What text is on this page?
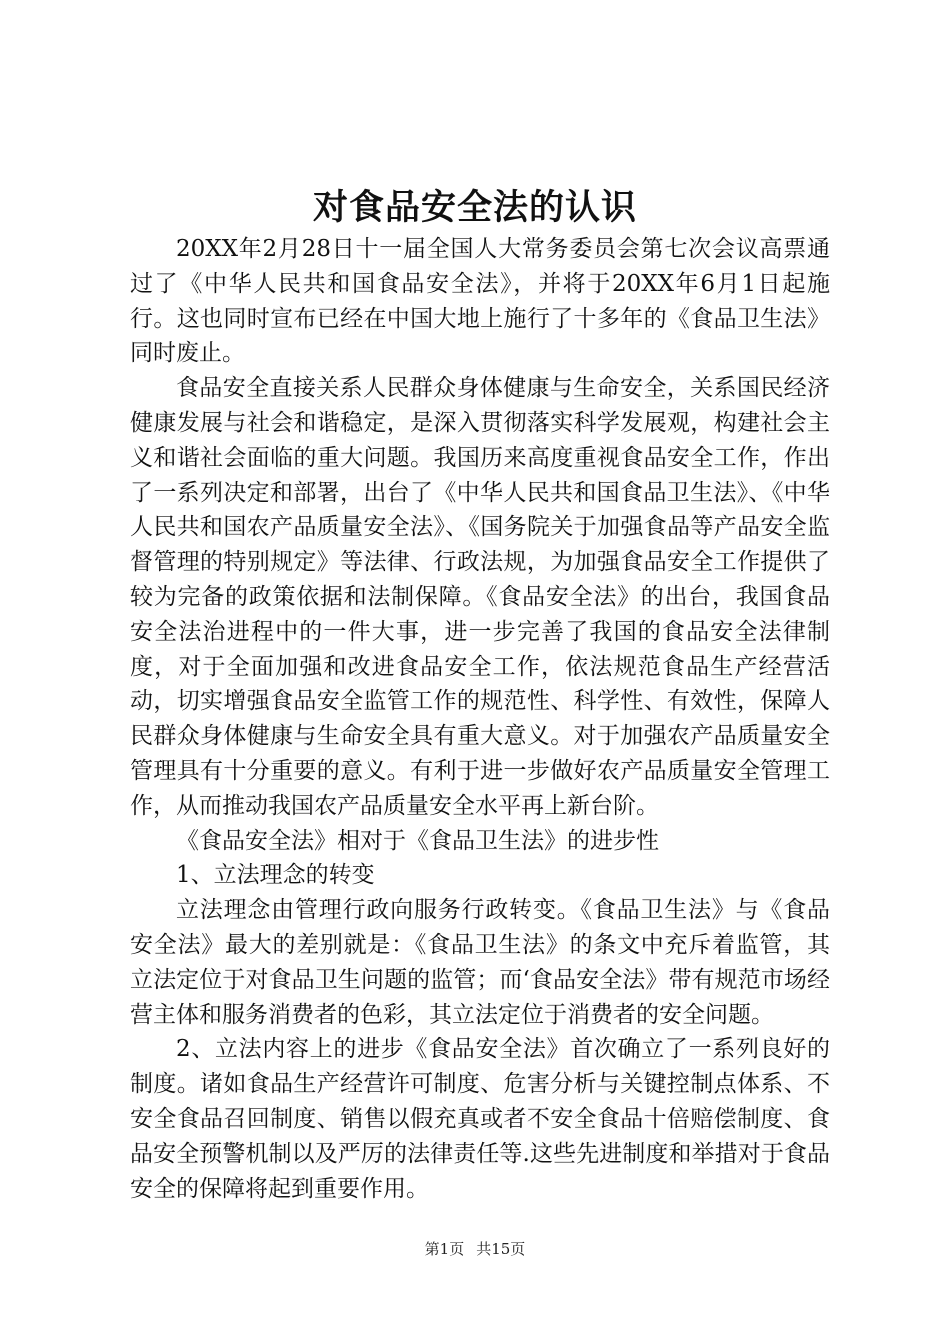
对食品安全法的认识

20XX年2月28日十一届全国人大常务委员会第七次会议高票通过了《中华人民共和国食品安全法》，并将于20XX年6月1日起施行。这也同时宣布已经在中国大地上施行了十多年的《食品卫生法》同时废止。

食品安全直接关系人民群众身体健康与生命安全，关系国民经济健康发展与社会和谐稳定，是深入贯彻落实科学发展观，构建社会主义和谐社会面临的重大问题。我国历来高度重视食品安全工作，作出了一系列决定和部署，出台了《中华人民共和国食品卫生法》、《中华人民共和国农产品质量安全法》、《国务院关于加强食品等产品安全监督管理的特别规定》等法律、行政法规，为加强食品安全工作提供了较为完备的政策依据和法制保障。《食品安全法》的出台，我国食品安全法治进程中的一件大事，进一步完善了我国的食品安全法律制度，对于全面加强和改进食品安全工作，依法规范食品生产经营活动，切实增强食品安全监管工作的规范性、科学性、有效性，保障人民群众身体健康与生命安全具有重大意义。对于加强农产品质量安全管理具有十分重要的意义。有利于进一步做好农产品质量安全管理工作，从而推动我国农产品质量安全水平再上新台阶。

《食品安全法》相对于《食品卫生法》的进步性

1、立法理念的转变

立法理念由管理行政向服务行政转变。《食品卫生法》与《食品安全法》最大的差别就是：《食品卫生法》的条文中充斥着监管，其立法定位于对食品卫生问题的监管；而‘食品安全法》带有规范市场经营主体和服务消费者的色彩，其立法定位于消费者的安全问题。

2、立法内容上的进步《食品安全法》首次确立了一系列良好的制度。诸如食品生产经营许可制度、危害分析与关键控制点体系、不安全食品召回制度、销售以假充真或者不安全食品十倍赔偿制度、食品安全预警机制以及严厉的法律责任等.这些先进制度和举措对于食品安全的保障将起到重要作用。

第1页 共15页
